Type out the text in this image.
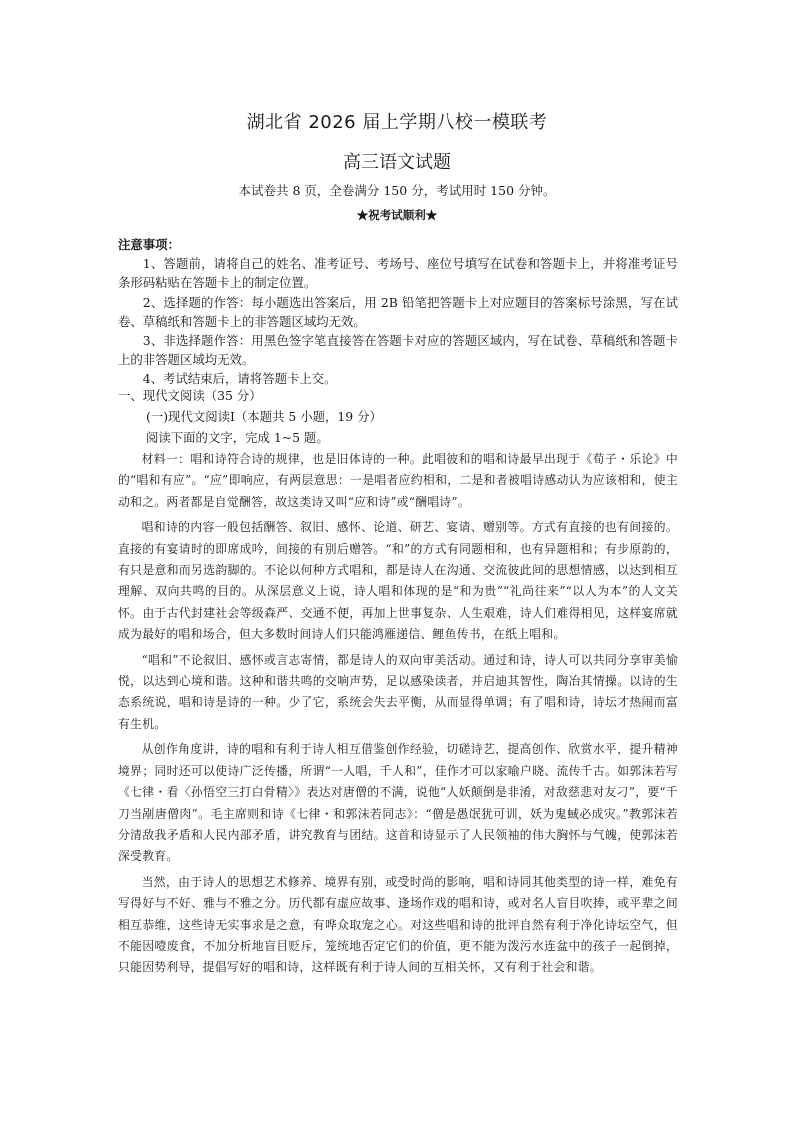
湖北省 2026 届上学期八校一模联考
高三语文试题
本试卷共 8 页，全卷满分 150 分，考试用时 150 分钟。
★祝考试顺利★
注意事项：

1、答题前，请将自己的姓名、准考证号、考场号、座位号填写在试卷和答题卡上，并将准考证号条形码粘贴在答题卡上的制定位置。

2、选择题的作答：每小题选出答案后，用 2B 铅笔把答题卡上对应题目的答案标号涂黑，写在试卷、草稿纸和答题卡上的非答题区域均无效。

3、非选择题作答：用黑色签字笔直接答在答题卡对应的答题区域内，写在试卷、草稿纸和答题卡上的非答题区域均无效。

4、考试结束后，请将答题卡上交。

一、现代文阅读（35 分）
(一)现代文阅读Ⅰ（本题共 5 小题，19 分）
阅读下面的文字，完成 1~5 题。

材料一：唱和诗符合诗的规律，也是旧体诗的一种。此唱彼和的唱和诗最早出现于《荀子・乐论》中的“唱和有应”。“应”即响应，有两层意思：一是唱者应约相和，二是和者被唱诗感动认为应该相和，使主动和之。两者都是自觉酬答，故这类诗又叫“应和诗”或“酬唱诗”。

唱和诗的内容一般包括酬答、叙旧、感怀、论道、研艺、宴请、赠别等。方式有直接的也有间接的。直接的有宴请时的即席成吟，间接的有别后赠答。“和”的方式有同题相和，也有异题相和；有步原韵的，有只是意和而另选韵脚的。不论以何种方式唱和，都是诗人在沟通、交流彼此间的思想情感，以达到相互理解、双向共鸣的目的。从深层意义上说，诗人唱和体现的是“和为贵”“礼尚往来”“以人为本”的人文关怀。由于古代封建社会等级森严、交通不便，再加上世事复杂、人生艰难，诗人们难得相见，这样宴席就成为最好的唱和场合，但大多数时间诗人们只能鸿雁递信、鲤鱼传书，在纸上唱和。

“唱和”不论叙旧、感怀或言志寄情，都是诗人的双向审美活动。通过和诗，诗人可以共同分享审美愉悦，以达到心境和谐。这种和谐共鸣的交响声势，足以感染读者，并启迪其智性，陶冶其情操。以诗的生态系统说，唱和诗是诗的一种。少了它，系统会失去平衡，从而显得单调；有了唱和诗，诗坛才热闹而富有生机。

从创作角度讲，诗的唱和有利于诗人相互借鉴创作经验，切磋诗艺，提高创作、欣赏水平，提升精神境界；同时还可以使诗广泛传播，所谓“一人唱，千人和”，佳作才可以家喻户晓、流传千古。如郭沫若写《七律・看〈孙悟空三打白骨精〉》表达对唐僧的不满，说他“人妖颠倒是非淆，对敌慈悲对友刁”，要“千刀当剐唐僧肉”。毛主席则和诗《七律・和郭沫若同志》：“僧是愚氓犹可训，妖为鬼蜮必成灾。”教郭沫若分清敌我矛盾和人民内部矛盾，讲究教育与团结。这首和诗显示了人民领袖的伟大胸怀与气魄，使郭沫若深受教育。

当然，由于诗人的思想艺术修养、境界有别，或受时尚的影响，唱和诗同其他类型的诗一样，难免有写得好与不好、雅与不雅之分。历代都有虚应故事、逢场作戏的唱和诗，或对名人盲目吹捧，或平辈之间相互恭维，这些诗无实事求是之意，有哗众取宠之心。对这些唱和诗的批评自然有利于净化诗坛空气，但不能因噎废食，不加分析地盲目贬斥，笼统地否定它们的价值，更不能为泼污水连盆中的孩子一起倒掉，只能因势利导，提倡写好的唱和诗，这样既有利于诗人间的互相关怀，又有利于社会和谐。
